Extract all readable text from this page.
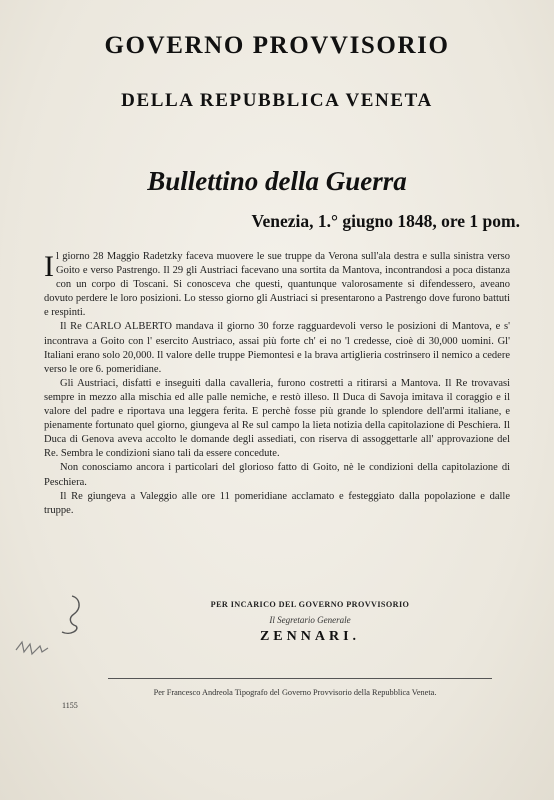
GOVERNO PROVVISORIO
DELLA REPUBBLICA VENETA
Bullettino della Guerra
Venezia, 1.° giugno 1848, ore 1 pom.

Il giorno 28 Maggio Radetzky faceva muovere le sue truppe da Verona sull'ala destra e sulla sinistra verso Goito e verso Pastrengo. Il 29 gli Austriaci facevano una sortita da Mantova, incontrandosi a poca distanza con un corpo di Toscani. Si conosceva che questi, quantunque valorosamente si difendessero, aveano dovuto perdere le loro posizioni. Lo stesso giorno gli Austriaci si presentarono a Pastrengo dove furono battuti e respinti.

Il Re CARLO ALBERTO mandava il giorno 30 forze ragguardevoli verso le posizioni di Mantova, e s' incontrava a Goito con l' esercito Austriaco, assai più forte ch' ei no 'l credesse, cioè di 30,000 uomini. Gl' Italiani erano solo 20,000. Il valore delle truppe Piemontesi e la brava artiglieria costrinsero il nemico a cedere verso le ore 6. pomeridiane.

Gli Austriaci, disfatti e inseguiti dalla cavalleria, furono costretti a ritirarsi a Mantova. Il Re trovavasi sempre in mezzo alla mischia ed alle palle nemiche, e restò illeso. Il Duca di Savoja imitava il coraggio e il valore del padre e riportava una leggera ferita. E perchè fosse più grande lo splendore dell'armi italiane, e pienamente fortunato quel giorno, giungeva al Re sul campo la lieta notizia della capitolazione di Peschiera. Il Duca di Genova aveva accolto le domande degli assediati, con riserva di assoggettarle all' approvazione del Re. Sembra le condizioni siano tali da essere concedute.

Non conosciamo ancora i particolari del glorioso fatto di Goito, nè le condizioni della capitolazione di Peschiera.

Il Re giungeva a Valeggio alle ore 11 pomeridiane acclamato e festeggiato dalla popolazione e dalle truppe.

PER INCARICO DEL GOVERNO PROVVISORIO
Il Segretario Generale
ZENNARI.
1155
Per Francesco Andreola Tipografo del Governo Provvisorio della Repubblica Veneta.
